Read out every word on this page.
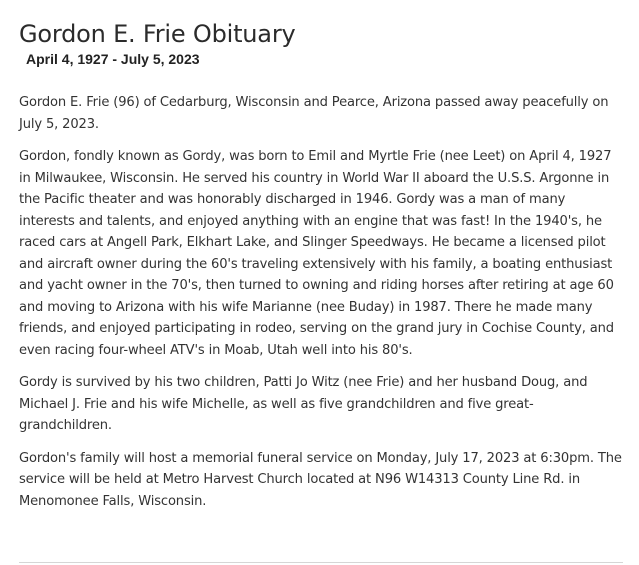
Gordon E. Frie Obituary
April 4, 1927 - July 5, 2023

Gordon E. Frie (96) of Cedarburg, Wisconsin and Pearce, Arizona passed away peacefully on July 5, 2023.

Gordon, fondly known as Gordy, was born to Emil and Myrtle Frie (nee Leet) on April 4, 1927 in Milwaukee, Wisconsin. He served his country in World War II aboard the U.S.S. Argonne in the Pacific theater and was honorably discharged in 1946. Gordy was a man of many interests and talents, and enjoyed anything with an engine that was fast! In the 1940's, he raced cars at Angell Park, Elkhart Lake, and Slinger Speedways. He became a licensed pilot and aircraft owner during the 60's traveling extensively with his family, a boating enthusiast and yacht owner in the 70's, then turned to owning and riding horses after retiring at age 60 and moving to Arizona with his wife Marianne (nee Buday) in 1987. There he made many friends, and enjoyed participating in rodeo, serving on the grand jury in Cochise County, and even racing four-wheel ATV's in Moab, Utah well into his 80's.

Gordy is survived by his two children, Patti Jo Witz (nee Frie) and her husband Doug, and Michael J. Frie and his wife Michelle, as well as five grandchildren and five great-grandchildren.

Gordon's family will host a memorial funeral service on Monday, July 17, 2023 at 6:30pm. The service will be held at Metro Harvest Church located at N96 W14313 County Line Rd. in Menomonee Falls, Wisconsin.
